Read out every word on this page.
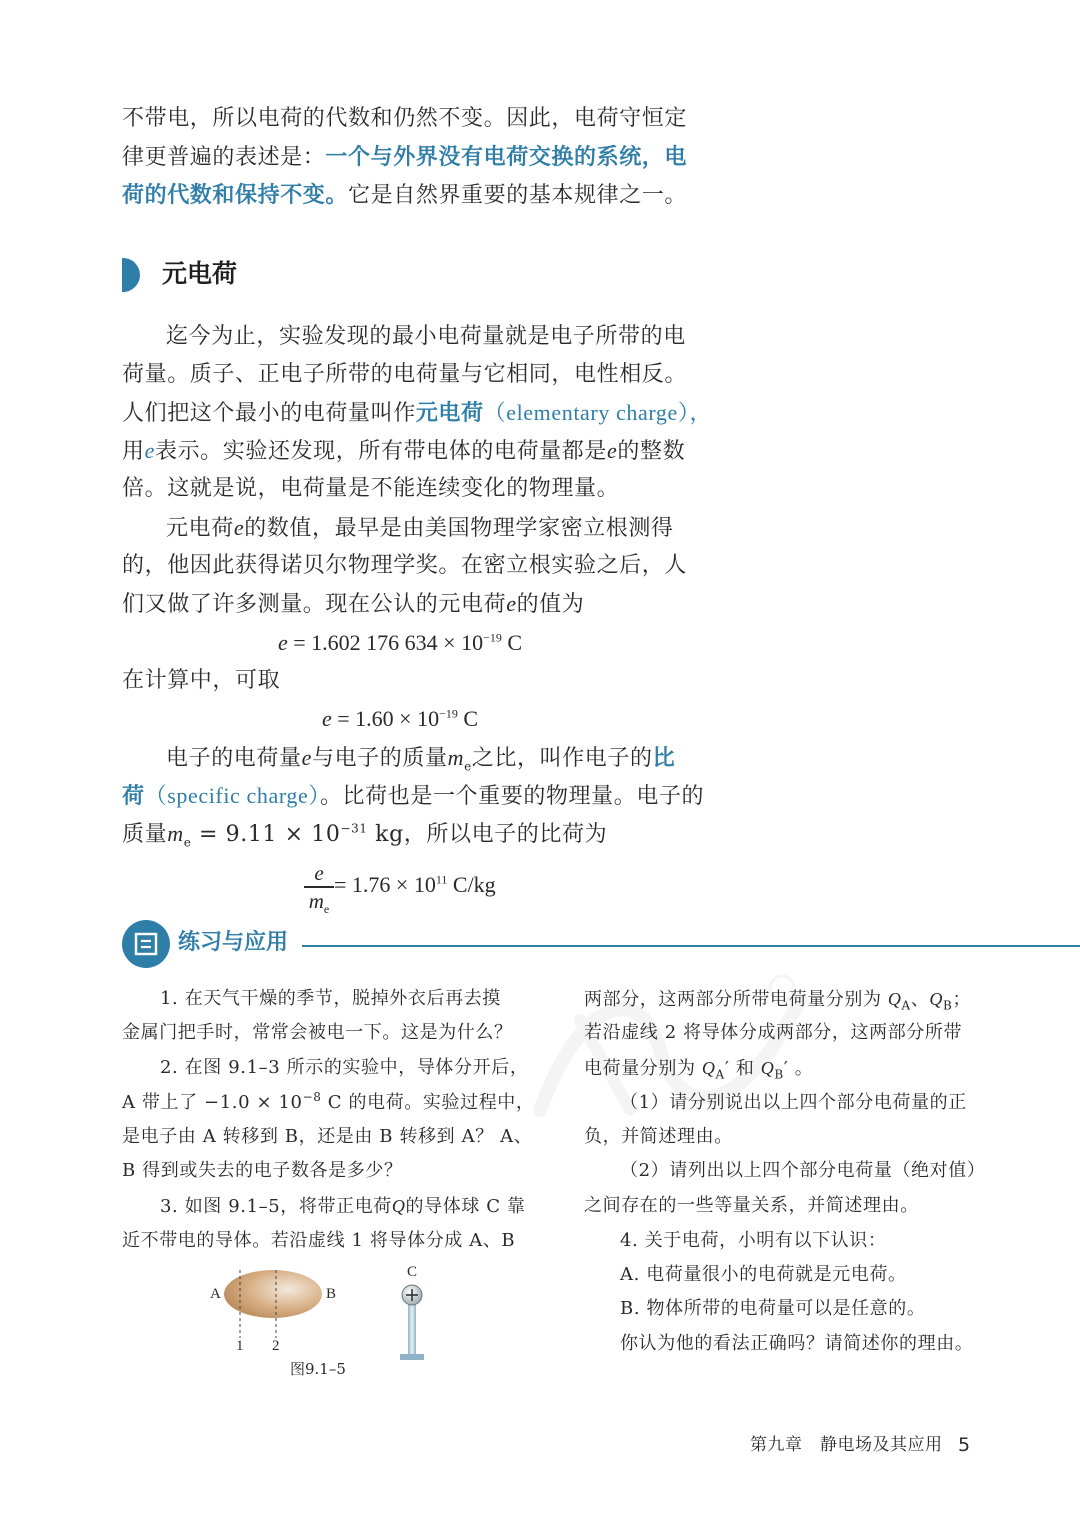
不带电，所以电荷的代数和仍然不变。因此，电荷守恒定
律更普遍的表述是：一个与外界没有电荷交换的系统，电
荷的代数和保持不变。它是自然界重要的基本规律之一。
元电荷
迄今为止，实验发现的最小电荷量就是电子所带的电
荷量。质子、正电子所带的电荷量与它相同，电性相反。
人们把这个最小的电荷量叫作元电荷（elementary charge），
用e表示。实验还发现，所有带电体的电荷量都是e的整数
倍。这就是说，电荷量是不能连续变化的物理量。
元电荷e的数值，最早是由美国物理学家密立根测得
的，他因此获得诺贝尔物理学奖。在密立根实验之后，人
们又做了许多测量。现在公认的元电荷e的值为
e = 1.602 176 $634 \times 10^{-19}$ C
在计算中，可取
$e = 1.60 \times 10^{-19}$ C
电子的电荷量e与电子的质量$m_e$之比，叫作电子的比
荷（specific charge）。比荷也是一个重要的物理量。电子的
质量$m_e = 9.11 \times 10^{-31}$ kg，所以电子的比荷为
e
$m_e$
= $1.76 \times 10^{11}$ C/kg
练习与应用
1. 在天气干燥的季节，脱掉外衣后再去摸
金属门把手时，常常会被电一下。这是为什么？
2. 在图 9.1–3 所示的实验中，导体分开后，
A 带上了 $-1.0 \times 10^{-8}$ C 的电荷。实验过程中，
是电子由 A 转移到 B，还是由 B 转移到 A？ A、
B 得到或失去的电子数各是多少？
3. 如图 9.1–5，将带正电荷Q的导体球 C 靠
近不带电的导体。若沿虚线 1 将导体分成 A、B
A	B
C
1 2
图9.1–5
两部分，这两部分所带电荷量分别为 $Q_A$、$Q_B$；
若沿虚线 2 将导体分成两部分，这两部分所带
电荷量分别为 $Q_A'$ 和 $Q_B'$ 。
（1）请分别说出以上四个部分电荷量的正
负，并简述理由。
（2）请列出以上四个部分电荷量（绝对值）
之间存在的一些等量关系，并简述理由。
4. 关于电荷，小明有以下认识：
A. 电荷量很小的电荷就是元电荷。
B. 物体所带的电荷量可以是任意的。
你认为他的看法正确吗？请简述你的理由。
第九章　静电场及其应用 5
